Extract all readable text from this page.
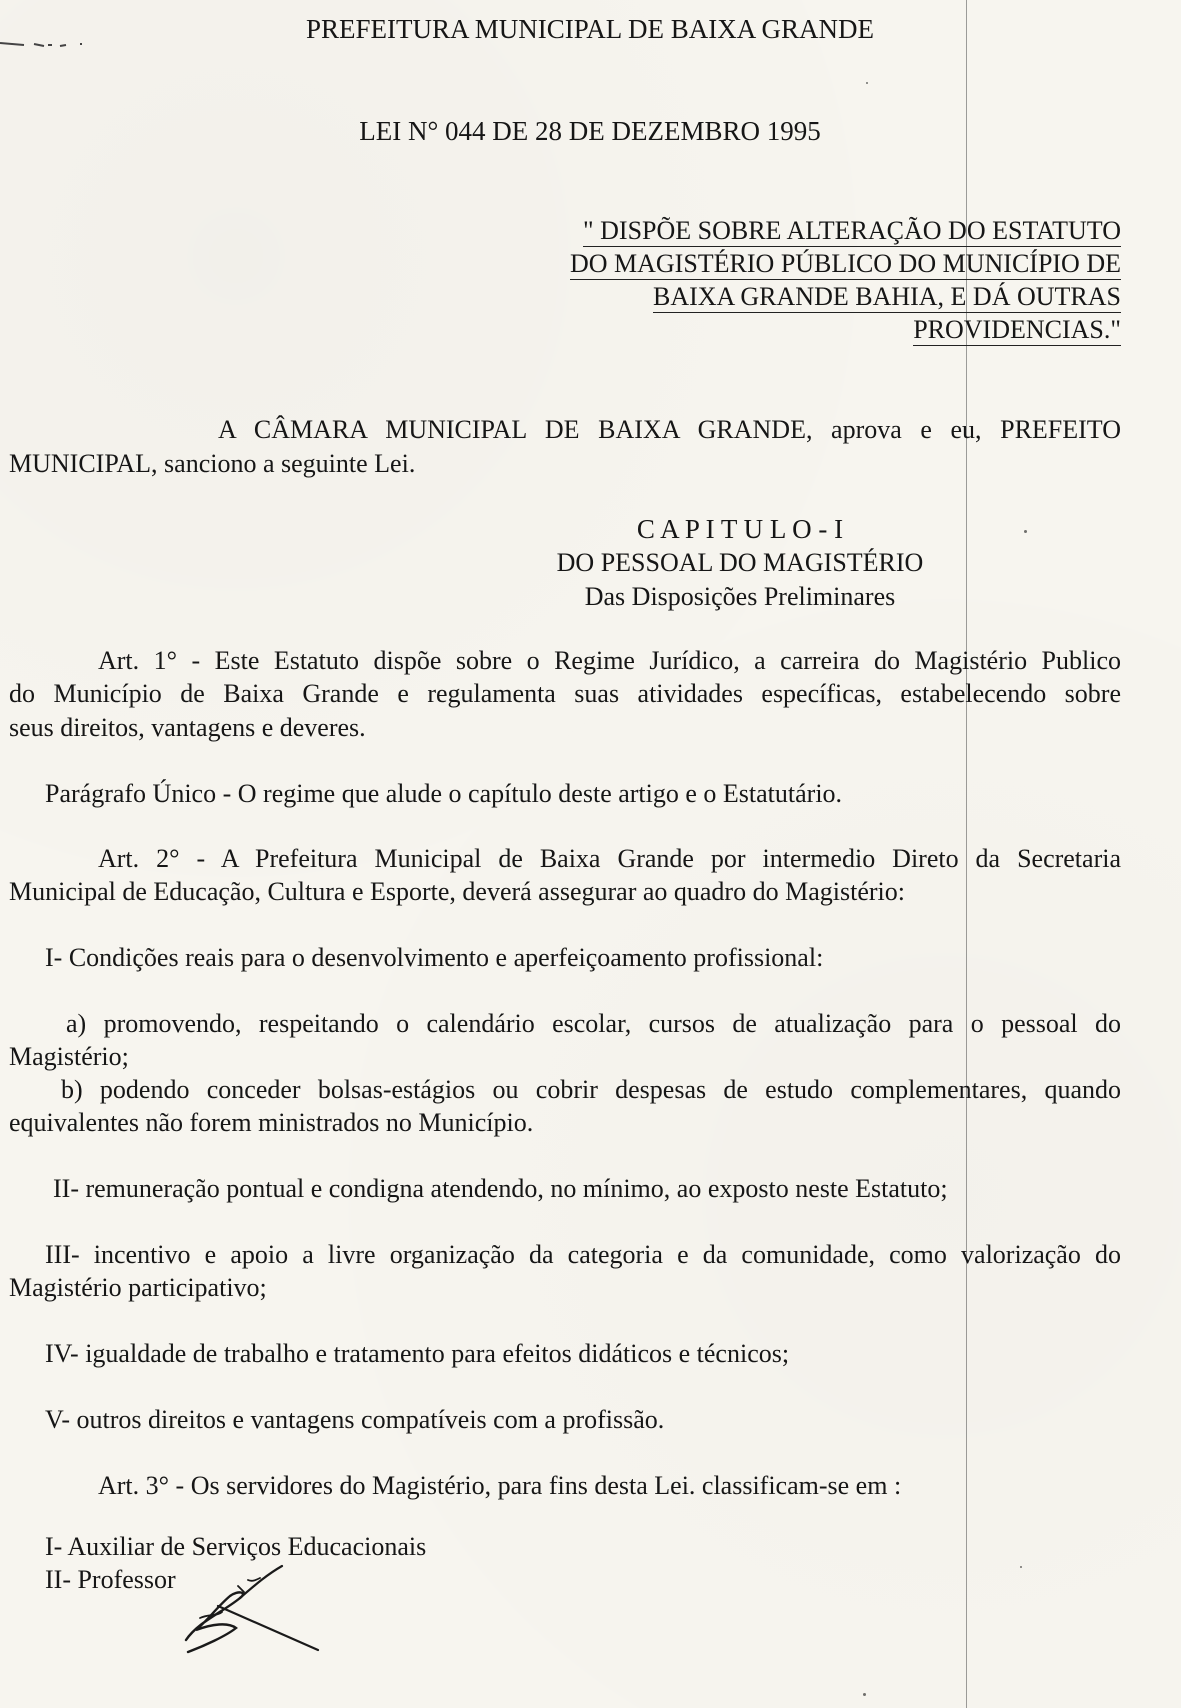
PREFEITURA MUNICIPAL DE BAIXA GRANDE
LEI N° 044 DE 28 DE DEZEMBRO 1995
" DISPÕE SOBRE ALTERAÇÃO DO ESTATUTO
DO MAGISTÉRIO PÚBLICO DO MUNICÍPIO DE
BAIXA GRANDE BAHIA, E DÁ OUTRAS
PROVIDENCIAS."
A CÂMARA MUNICIPAL DE BAIXA GRANDE, aprova e eu, PREFEITO
MUNICIPAL, sanciono a seguinte Lei.
C A P I T U L O - I
DO PESSOAL DO MAGISTÉRIO
Das Disposições Preliminares
Art. 1° - Este Estatuto dispõe sobre o Regime Jurídico, a carreira do Magistério Publico
do Município de Baixa Grande e regulamenta suas atividades específicas, estabelecendo sobre
seus direitos, vantagens e deveres.
Parágrafo Único - O regime que alude o capítulo deste artigo e o Estatutário.
Art. 2° - A Prefeitura Municipal de Baixa Grande por intermedio Direto da Secretaria
Municipal de Educação, Cultura e Esporte, deverá assegurar ao quadro do Magistério:
I- Condições reais para o desenvolvimento e aperfeiçoamento profissional:
a) promovendo, respeitando o calendário escolar, cursos de atualização para o pessoal do
Magistério;
b) podendo conceder bolsas-estágios ou cobrir despesas de estudo complementares, quando
equivalentes não forem ministrados no Município.
II- remuneração pontual e condigna atendendo, no mínimo, ao exposto neste Estatuto;
III- incentivo e apoio a livre organização da categoria e da comunidade, como valorização do
Magistério participativo;
IV- igualdade de trabalho e tratamento para efeitos didáticos e técnicos;
V- outros direitos e vantagens compatíveis com a profissão.
Art. 3° - Os servidores do Magistério, para fins desta Lei. classificam-se em :
I- Auxiliar de Serviços Educacionais
II- Professor
